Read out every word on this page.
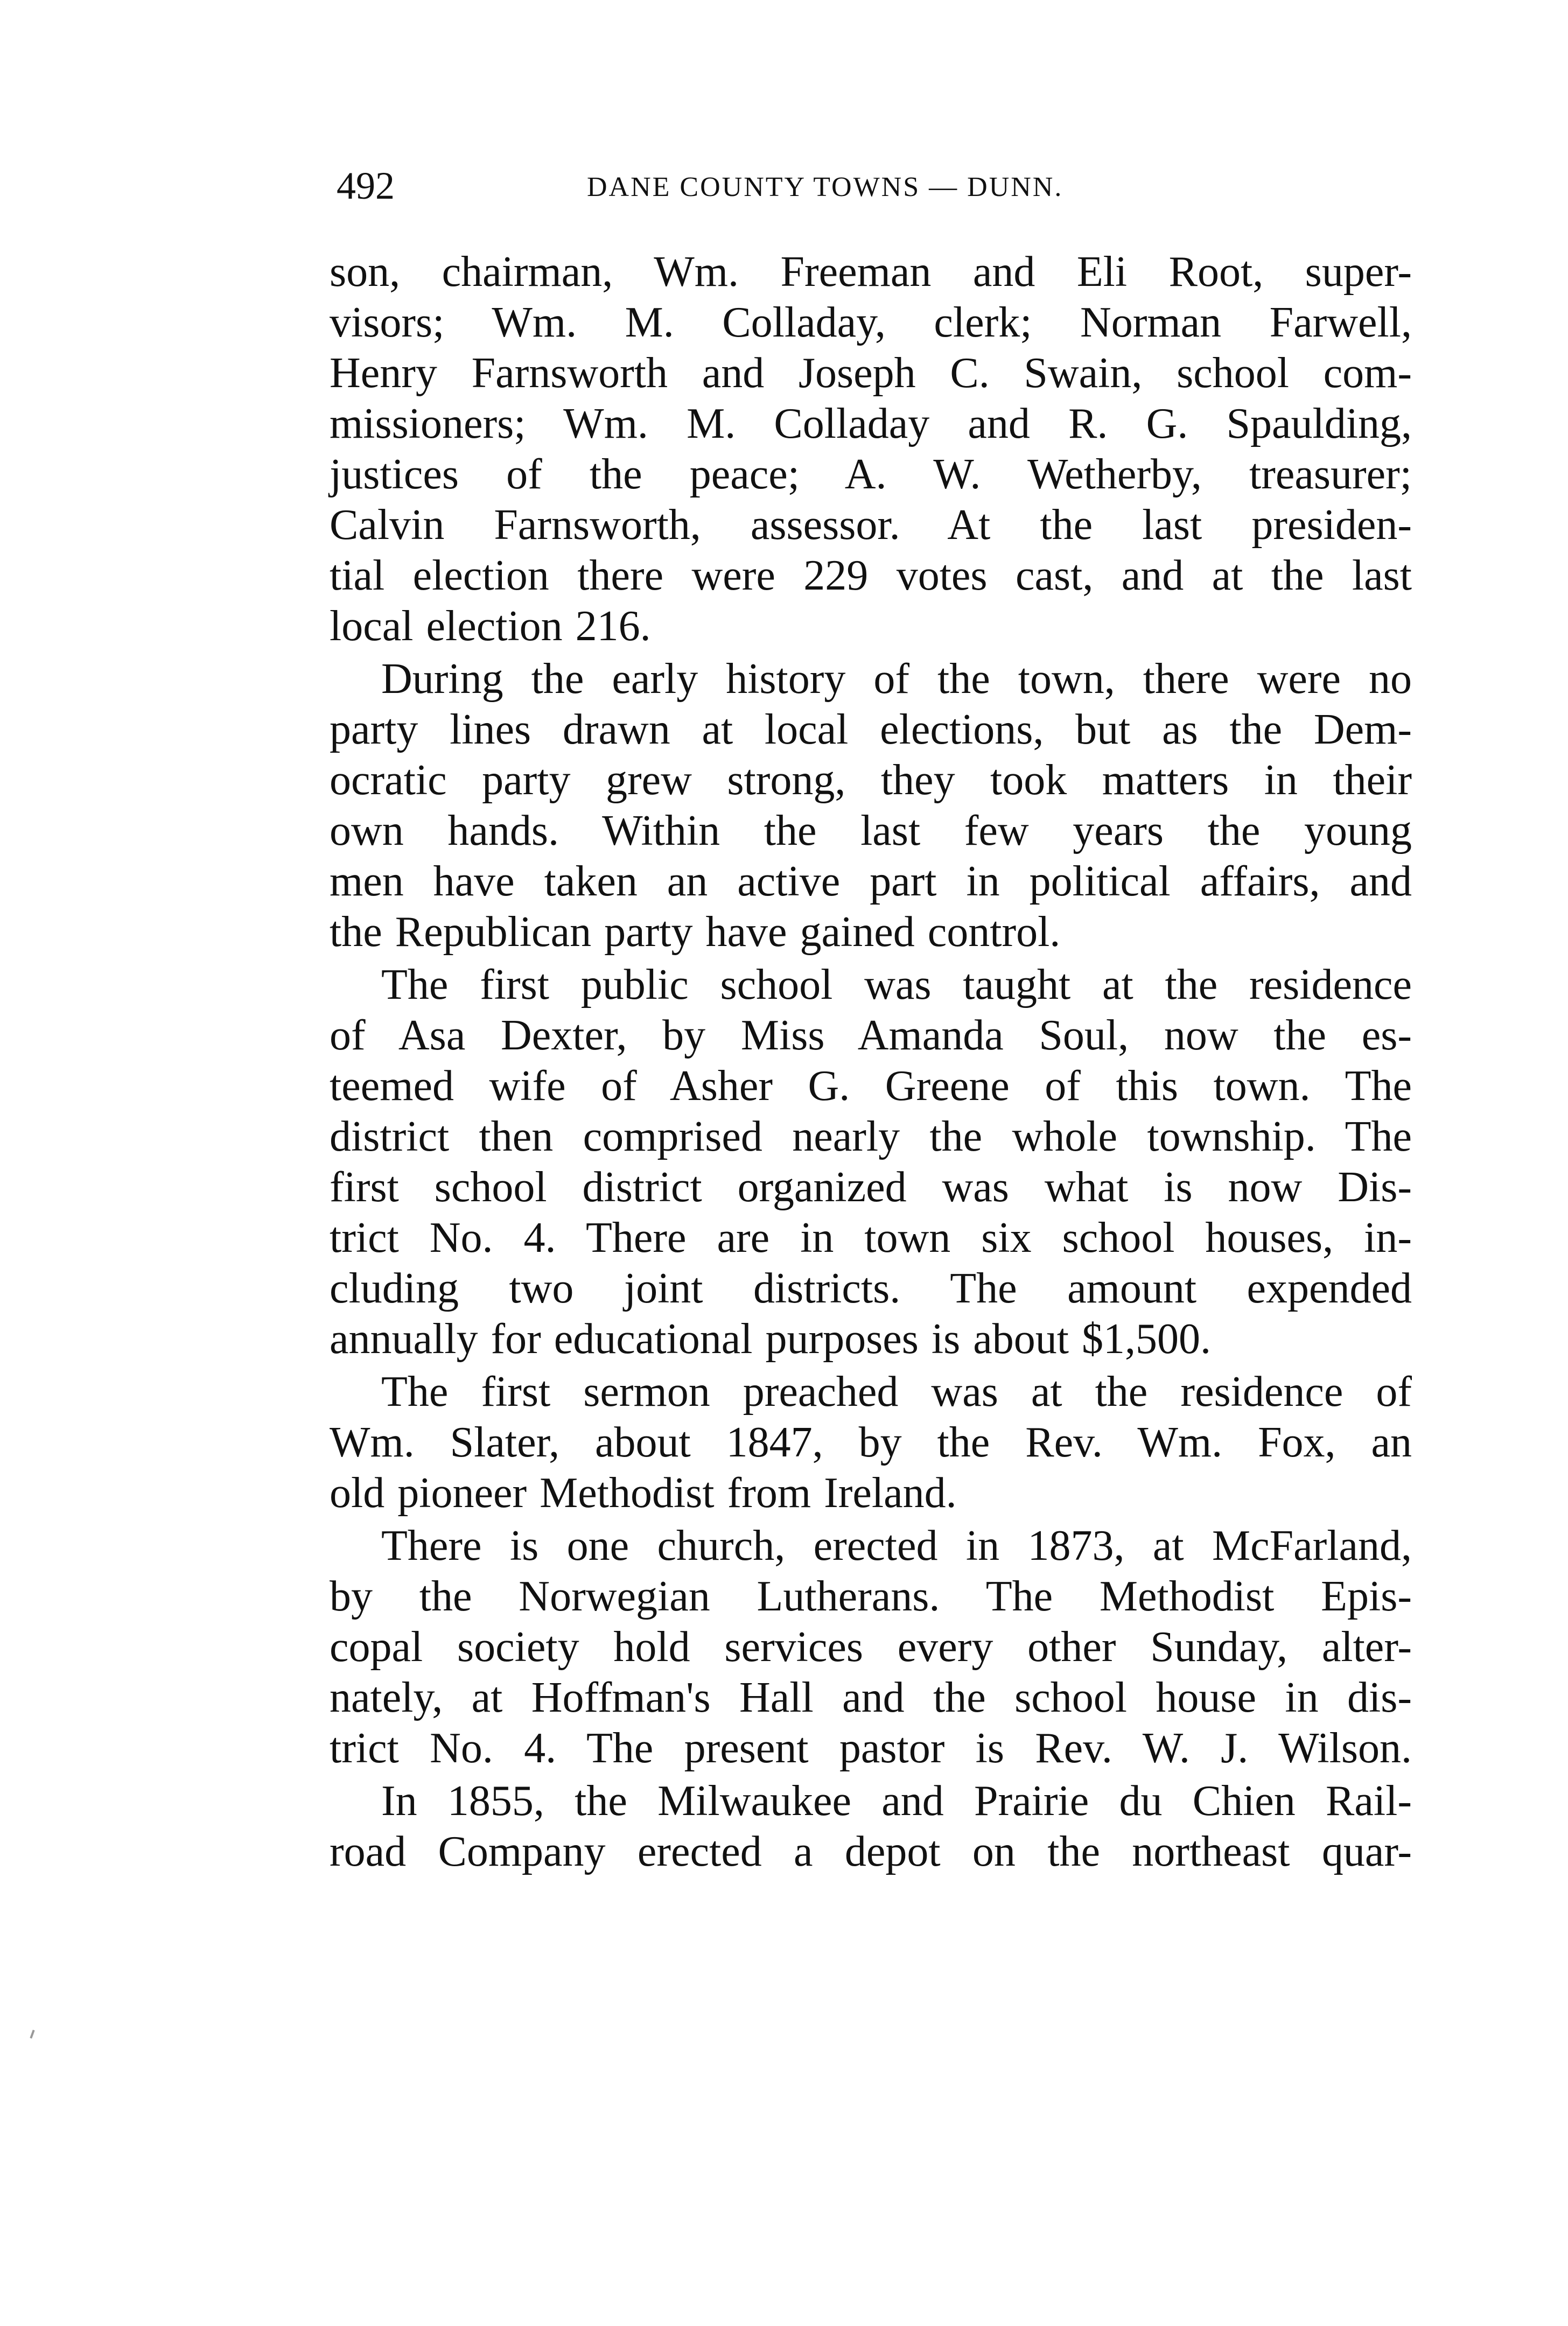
492	DANE COUNTY TOWNS — DUNN.
son, chairman, Wm. Freeman and Eli Root, super-
visors; Wm. M. Colladay, clerk; Norman Farwell,
Henry Farnsworth and Joseph C. Swain, school com-
missioners; Wm. M. Colladay and R. G. Spaulding,
justices of the peace; A. W. Wetherby, treasurer;
Calvin Farnsworth, assessor. At the last presiden-
tial election there were 229 votes cast, and at the last
local election 216.
During the early history of the town, there were no
party lines drawn at local elections, but as the Dem-
ocratic party grew strong, they took matters in their
own hands. Within the last few years the young
men have taken an active part in political affairs, and
the Republican party have gained control.
The first public school was taught at the residence
of Asa Dexter, by Miss Amanda Soul, now the es-
teemed wife of Asher G. Greene of this town. The
district then comprised nearly the whole township. The
first school district organized was what is now Dis-
trict No. 4. There are in town six school houses, in-
cluding two joint districts. The amount expended
annually for educational purposes is about $1,500.
The first sermon preached was at the residence of
Wm. Slater, about 1847, by the Rev. Wm. Fox, an
old pioneer Methodist from Ireland.
There is one church, erected in 1873, at McFarland,
by the Norwegian Lutherans. The Methodist Epis-
copal society hold services every other Sunday, alter-
nately, at Hoffman's Hall and the school house in dis-
trict No. 4. The present pastor is Rev. W. J. Wilson.
In 1855, the Milwaukee and Prairie du Chien Rail-
road Company erected a depot on the northeast quar-
